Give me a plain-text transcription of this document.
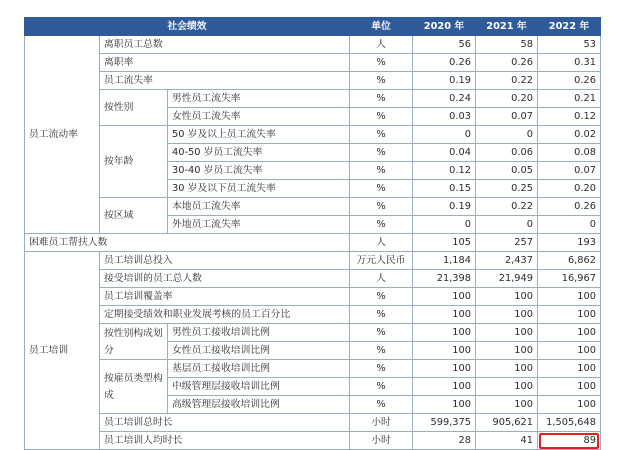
社会绩效			单位	2020 年	2021 年	2022 年
员工流动率	离职员工总数		人	56	58	53
	离职率		%	0.26	0.26	0.31
	员工流失率		%	0.19	0.22	0.26
	按性别	男性员工流失率	%	0.24	0.20	0.21
		女性员工流失率	%	0.03	0.07	0.12
	按年龄	50 岁及以上员工流失率	%	0	0	0.02
		40-50 岁员工流失率	%	0.04	0.06	0.08
		30-40 岁员工流失率	%	0.12	0.05	0.07
		30 岁及以下员工流失率	%	0.15	0.25	0.20
	按区域	本地员工流失率	%	0.19	0.22	0.26
		外地员工流失率	%	0	0	0
困难员工帮扶人数			人	105	257	193
员工培训	员工培训总投入		万元人民币	1,184	2,437	6,862
	接受培训的员工总人数		人	21,398	21,949	16,967
	员工培训覆盖率		%	100	100	100
	定期接受绩效和职业发展考核的员工百分比		%	100	100	100
	按性别构成划分	男性员工接收培训比例	%	100	100	100
		女性员工接收培训比例	%	100	100	100
	按雇员类型构成	基层员工接收培训比例	%	100	100	100
		中级管理层接收培训比例	%	100	100	100
		高级管理层接收培训比例	%	100	100	100
	员工培训总时长		小时	599,375	905,621	1,505,648
	员工培训人均时长		小时	28	41	89
